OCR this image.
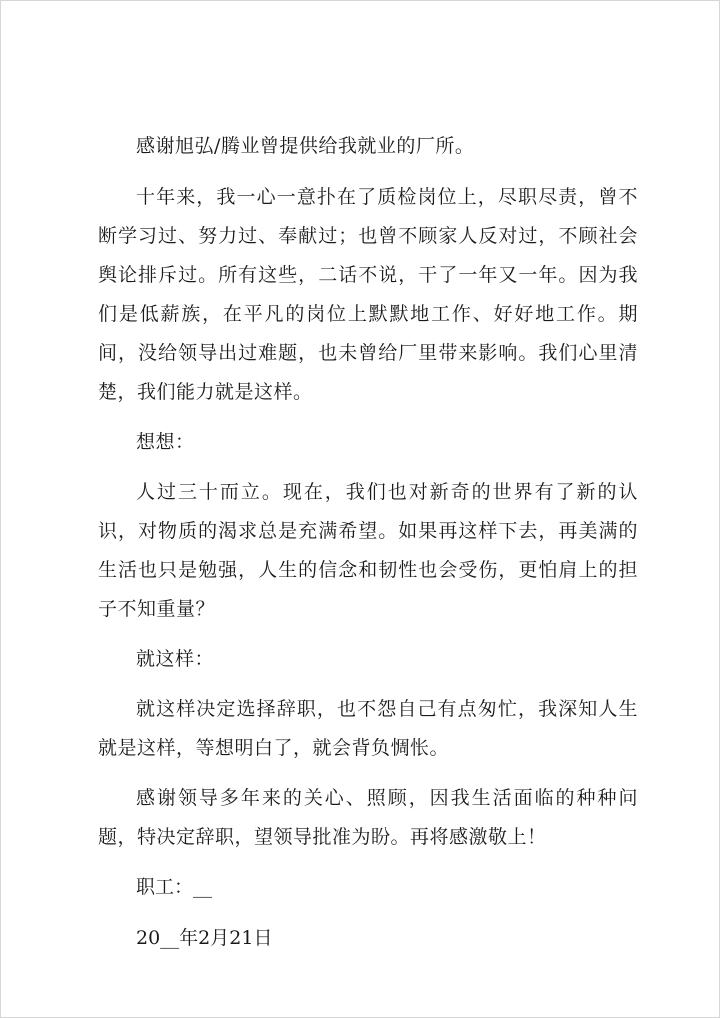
感谢旭弘/腾业曾提供给我就业的厂所。

十年来，我一心一意扑在了质检岗位上，尽职尽责，曾不断学习过、努力过、奉献过；也曾不顾家人反对过，不顾社会舆论排斥过。所有这些，二话不说，干了一年又一年。因为我们是低薪族，在平凡的岗位上默默地工作、好好地工作。期间，没给领导出过难题，也未曾给厂里带来影响。我们心里清楚，我们能力就是这样。

想想：

人过三十而立。现在，我们也对新奇的世界有了新的认识，对物质的渴求总是充满希望。如果再这样下去，再美满的生活也只是勉强，人生的信念和韧性也会受伤，更怕肩上的担子不知重量？

就这样：

就这样决定选择辞职，也不怨自己有点匆忙，我深知人生就是这样，等想明白了，就会背负惆怅。

感谢领导多年来的关心、照顾，因我生活面临的种种问题，特决定辞职，望领导批准为盼。再将感激敬上！

职工：__

20__年2月21日
